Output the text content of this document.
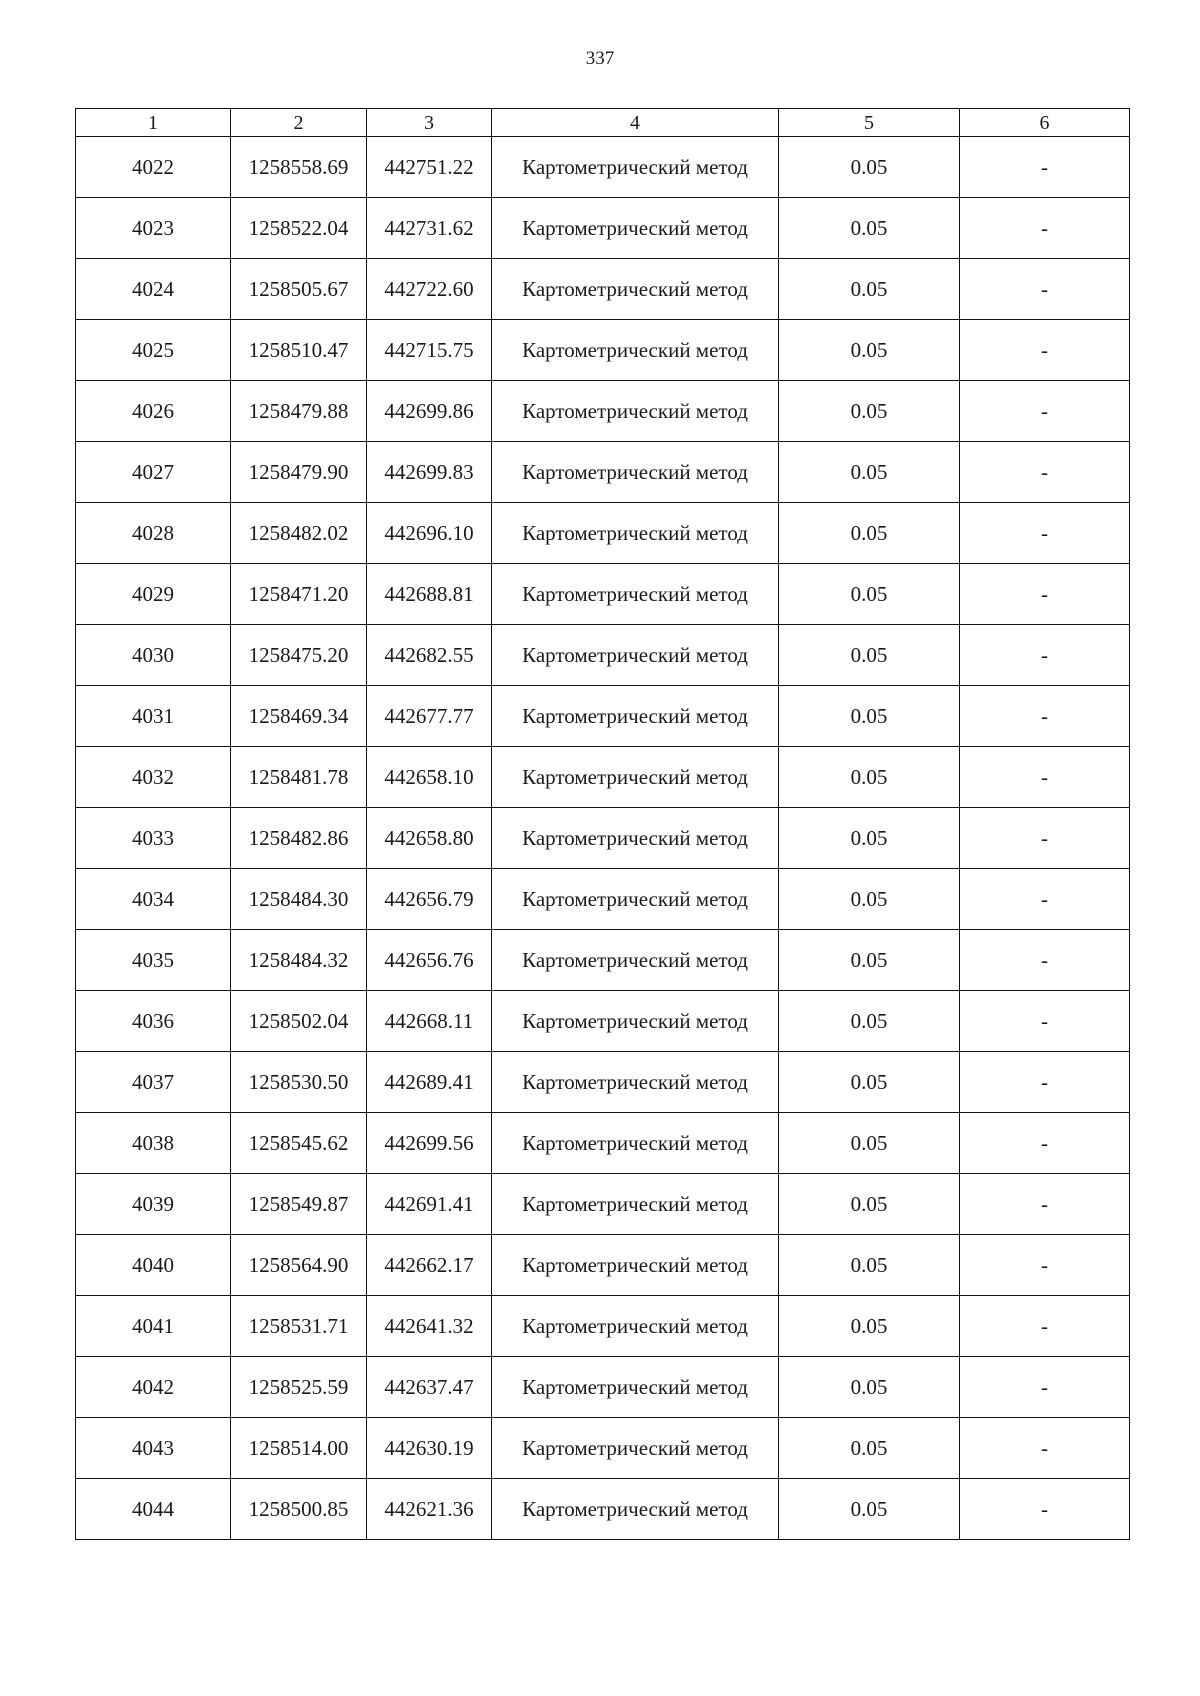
337
1	2	3	4	5	6
4022	1258558.69	442751.22	Картометрический метод	0.05	-
4023	1258522.04	442731.62	Картометрический метод	0.05	-
4024	1258505.67	442722.60	Картометрический метод	0.05	-
4025	1258510.47	442715.75	Картометрический метод	0.05	-
4026	1258479.88	442699.86	Картометрический метод	0.05	-
4027	1258479.90	442699.83	Картометрический метод	0.05	-
4028	1258482.02	442696.10	Картометрический метод	0.05	-
4029	1258471.20	442688.81	Картометрический метод	0.05	-
4030	1258475.20	442682.55	Картометрический метод	0.05	-
4031	1258469.34	442677.77	Картометрический метод	0.05	-
4032	1258481.78	442658.10	Картометрический метод	0.05	-
4033	1258482.86	442658.80	Картометрический метод	0.05	-
4034	1258484.30	442656.79	Картометрический метод	0.05	-
4035	1258484.32	442656.76	Картометрический метод	0.05	-
4036	1258502.04	442668.11	Картометрический метод	0.05	-
4037	1258530.50	442689.41	Картометрический метод	0.05	-
4038	1258545.62	442699.56	Картометрический метод	0.05	-
4039	1258549.87	442691.41	Картометрический метод	0.05	-
4040	1258564.90	442662.17	Картометрический метод	0.05	-
4041	1258531.71	442641.32	Картометрический метод	0.05	-
4042	1258525.59	442637.47	Картометрический метод	0.05	-
4043	1258514.00	442630.19	Картометрический метод	0.05	-
4044	1258500.85	442621.36	Картометрический метод	0.05	-
